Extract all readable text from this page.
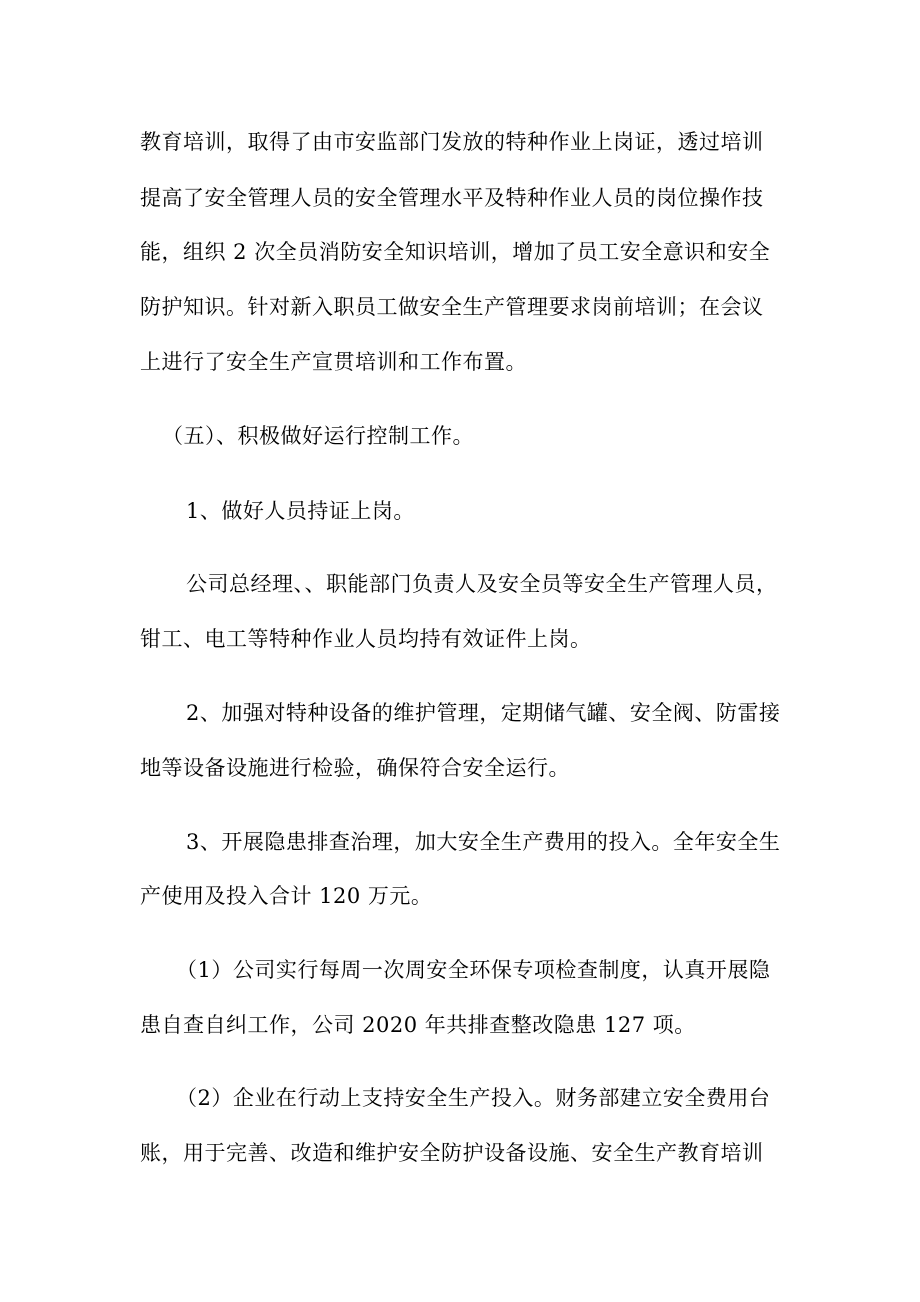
教育培训，取得了由市安监部门发放的特种作业上岗证，透过培训
提高了安全管理人员的安全管理水平及特种作业人员的岗位操作技
能，组织 2 次全员消防安全知识培训，增加了员工安全意识和安全
防护知识。针对新入职员工做安全生产管理要求岗前培训；在会议
上进行了安全生产宣贯培训和工作布置。
（五）、积极做好运行控制工作。
1、做好人员持证上岗。
公司总经理、、职能部门负责人及安全员等安全生产管理人员，
钳工、电工等特种作业人员均持有效证件上岗。
2、加强对特种设备的维护管理，定期储气罐、安全阀、防雷接
地等设备设施进行检验，确保符合安全运行。
3、开展隐患排查治理，加大安全生产费用的投入。全年安全生
产使用及投入合计 120 万元。
（1）公司实行每周一次周安全环保专项检查制度，认真开展隐
患自查自纠工作，公司 2020 年共排查整改隐患 127 项。
（2）企业在行动上支持安全生产投入。财务部建立安全费用台
账，用于完善、改造和维护安全防护设备设施、安全生产教育培训
